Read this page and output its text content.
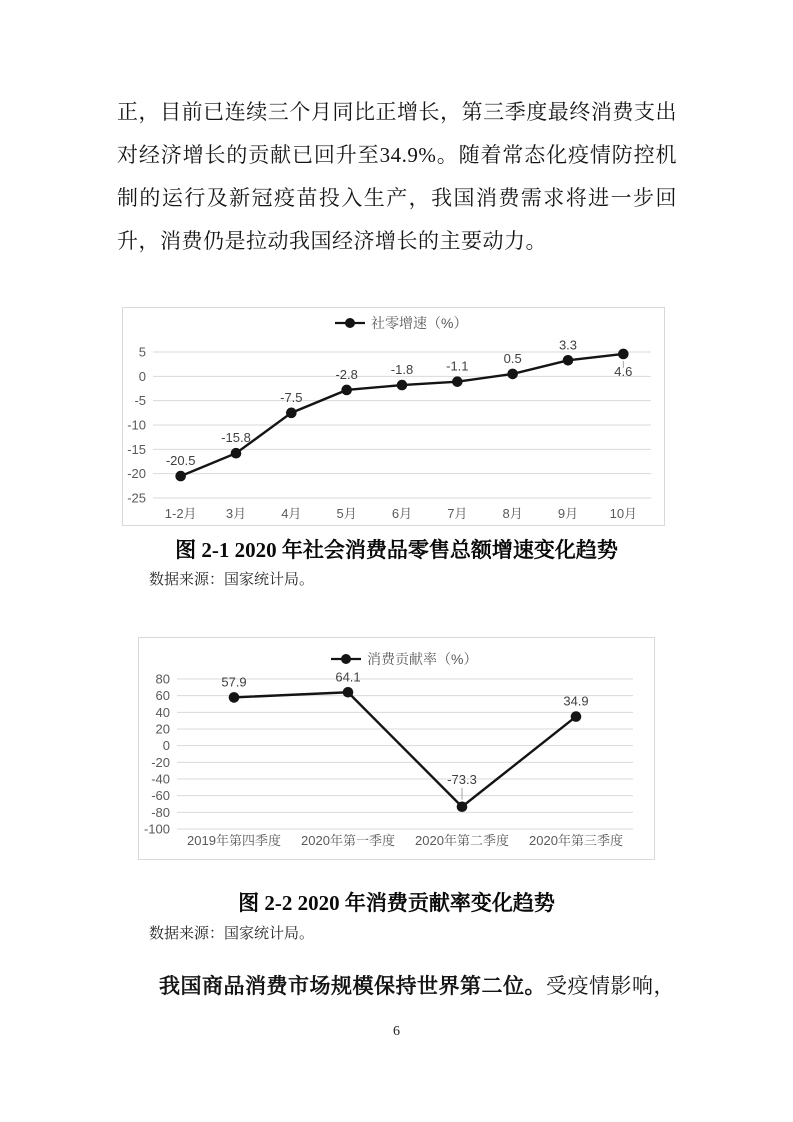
正，目前已连续三个月同比正增长，第三季度最终消费支出
对经济增长的贡献已回升至34.9%。随着常态化疫情防控机
制的运行及新冠疫苗投入生产，我国消费需求将进一步回
升，消费仍是拉动我国经济增长的主要动力。
5
0
-5
-10
-15
-20
-25
1-2月 3月	4月	5月	6月	7月	8月	9月 10月
-20.5
-15.8
-7.5
-2.8	-1.8	-1.1
0.5
3.3
4.6
社零增速（%）
图 2-1 2020 年社会消费品零售总额增速变化趋势
数据来源：国家统计局。
80
60
40
20
0
-20
-40
-60
-80
-100
2019年第四季度 2020年第一季度 2020年第二季度 2020年第三季度
57.9	64.1
-73.3
34.9
消费贡献率（%）
图 2-2 2020 年消费贡献率变化趋势
数据来源：国家统计局。

我国商品消费市场规模保持世界第二位。受疫情影响，

6
